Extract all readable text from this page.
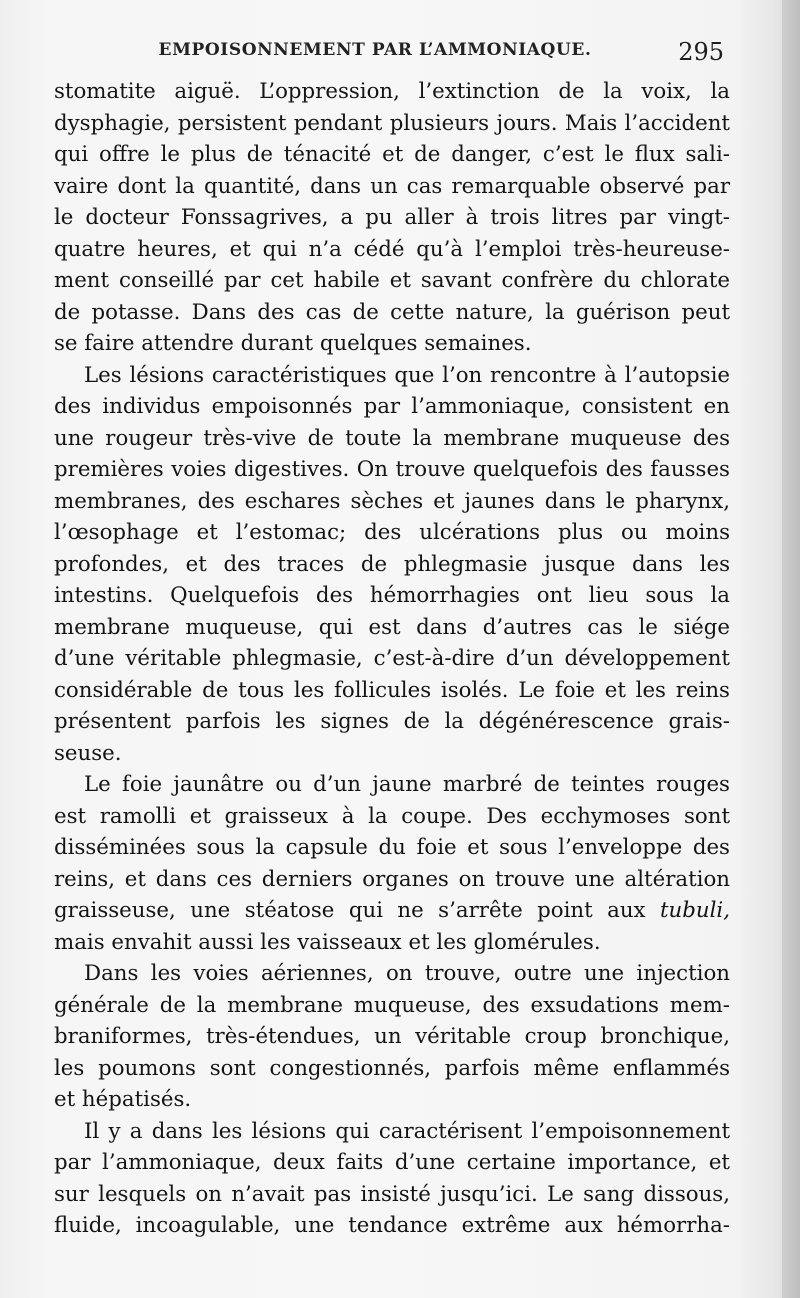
EMPOISONNEMENT PAR L’AMMONIAQUE.	295
stomatite aiguë. L’oppression, l’extinction de la voix, la
dysphagie, persistent pendant plusieurs jours. Mais l’accident
qui offre le plus de ténacité et de danger, c’est le flux sali-
vaire dont la quantité, dans un cas remarquable observé par
le docteur Fonssagrives, a pu aller à trois litres par vingt-
quatre heures, et qui n’a cédé qu’à l’emploi très-heureuse-
ment conseillé par cet habile et savant confrère du chlorate
de potasse. Dans des cas de cette nature, la guérison peut
se faire attendre durant quelques semaines.
Les lésions caractéristiques que l’on rencontre à l’autopsie
des individus empoisonnés par l’ammoniaque, consistent en
une rougeur très-vive de toute la membrane muqueuse des
premières voies digestives. On trouve quelquefois des fausses
membranes, des eschares sèches et jaunes dans le pharynx,
l’œsophage et l’estomac; des ulcérations plus ou moins
profondes, et des traces de phlegmasie jusque dans les
intestins. Quelquefois des hémorrhagies ont lieu sous la
membrane muqueuse, qui est dans d’autres cas le siége
d’une véritable phlegmasie, c’est-à-dire d’un développement
considérable de tous les follicules isolés. Le foie et les reins
présentent parfois les signes de la dégénérescence grais-
seuse.
Le foie jaunâtre ou d’un jaune marbré de teintes rouges
est ramolli et graisseux à la coupe. Des ecchymoses sont
disséminées sous la capsule du foie et sous l’enveloppe des
reins, et dans ces derniers organes on trouve une altération
graisseuse, une stéatose qui ne s’arrête point aux tubuli,
mais envahit aussi les vaisseaux et les glomérules.
Dans les voies aériennes, on trouve, outre une injection
générale de la membrane muqueuse, des exsudations mem-
braniformes, très-étendues, un véritable croup bronchique,
les poumons sont congestionnés, parfois même enflammés
et hépatisés.
Il y a dans les lésions qui caractérisent l’empoisonnement
par l’ammoniaque, deux faits d’une certaine importance, et
sur lesquels on n’avait pas insisté jusqu’ici. Le sang dissous,
fluide, incoagulable, une tendance extrême aux hémorrha-
